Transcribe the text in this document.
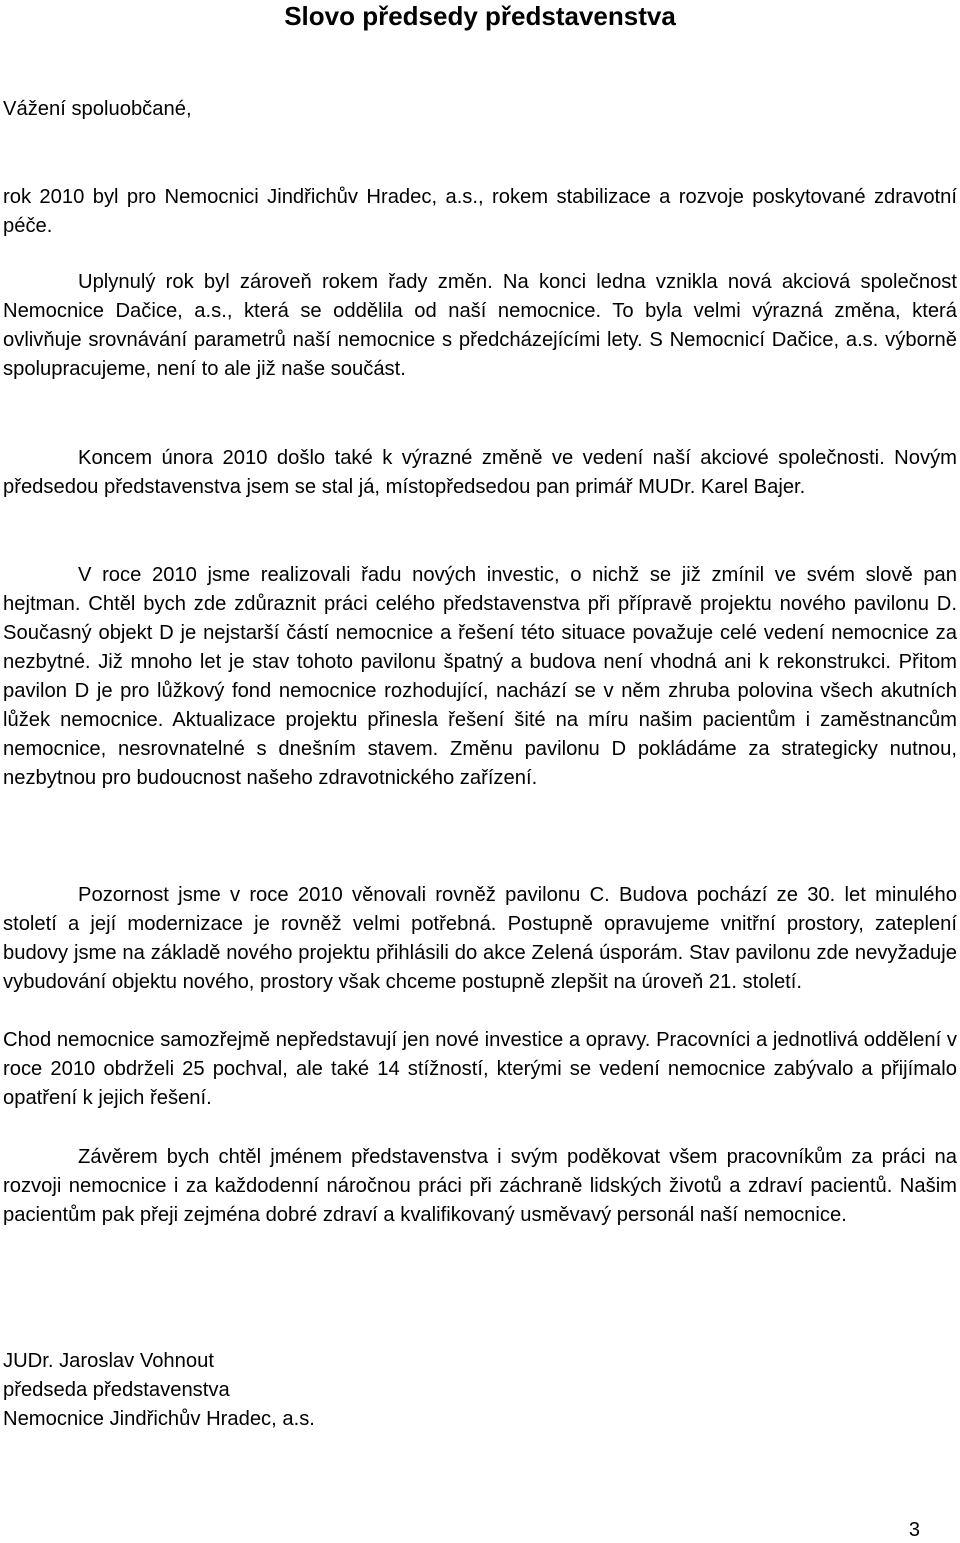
Slovo předsedy představenstva

Vážení spoluobčané,

rok 2010 byl pro Nemocnici Jindřichův Hradec, a.s., rokem stabilizace a rozvoje poskytované zdravotní péče.

Uplynulý rok byl zároveň rokem řady změn. Na konci ledna vznikla nová akciová společnost Nemocnice Dačice, a.s., která se oddělila od naší nemocnice. To byla velmi výrazná změna, která ovlivňuje srovnávání parametrů naší nemocnice s předcházejícími lety. S Nemocnicí Dačice, a.s. výborně spolupracujeme, není to ale již naše součást.

Koncem února 2010 došlo také k výrazné změně ve vedení naší akciové společnosti. Novým předsedou představenstva jsem se stal já, místopředsedou pan primář MUDr. Karel Bajer.

V roce 2010 jsme realizovali řadu nových investic, o nichž se již zmínil ve svém slově pan hejtman. Chtěl bych zde zdůraznit práci celého představenstva při přípravě projektu nového pavilonu D. Současný objekt D je nejstarší částí nemocnice a řešení této situace považuje celé vedení nemocnice za nezbytné. Již mnoho let je stav tohoto pavilonu špatný a budova není vhodná ani k rekonstrukci. Přitom pavilon D je pro lůžkový fond nemocnice rozhodující, nachází se v něm zhruba polovina všech akutních lůžek nemocnice. Aktualizace projektu přinesla řešení šité na míru našim pacientům i zaměstnancům nemocnice, nesrovnatelné s dnešním stavem. Změnu pavilonu D pokládáme za strategicky nutnou, nezbytnou pro budoucnost našeho zdravotnického zařízení.

Pozornost jsme v roce 2010 věnovali rovněž pavilonu C. Budova pochází ze 30. let minulého století a její modernizace je rovněž velmi potřebná. Postupně opravujeme vnitřní prostory, zateplení budovy jsme na základě nového projektu přihlásili do akce Zelená úsporám. Stav pavilonu zde nevyžaduje vybudování objektu nového, prostory však chceme postupně zlepšit na úroveň 21. století.

Chod nemocnice samozřejmě nepředstavují jen nové investice a opravy. Pracovníci a jednotlivá oddělení v roce 2010 obdrželi 25 pochval, ale také 14 stížností, kterými se vedení nemocnice zabývalo a přijímalo opatření k jejich řešení.

Závěrem bych chtěl jménem představenstva i svým poděkovat všem pracovníkům za práci na rozvoji nemocnice i za každodenní náročnou práci při záchraně lidských životů a zdraví pacientů. Našim pacientům pak přeji zejména dobré zdraví a kvalifikovaný usměvavý personál naší nemocnice.

JUDr. Jaroslav Vohnout
předseda představenstva
Nemocnice Jindřichův Hradec, a.s.
3
